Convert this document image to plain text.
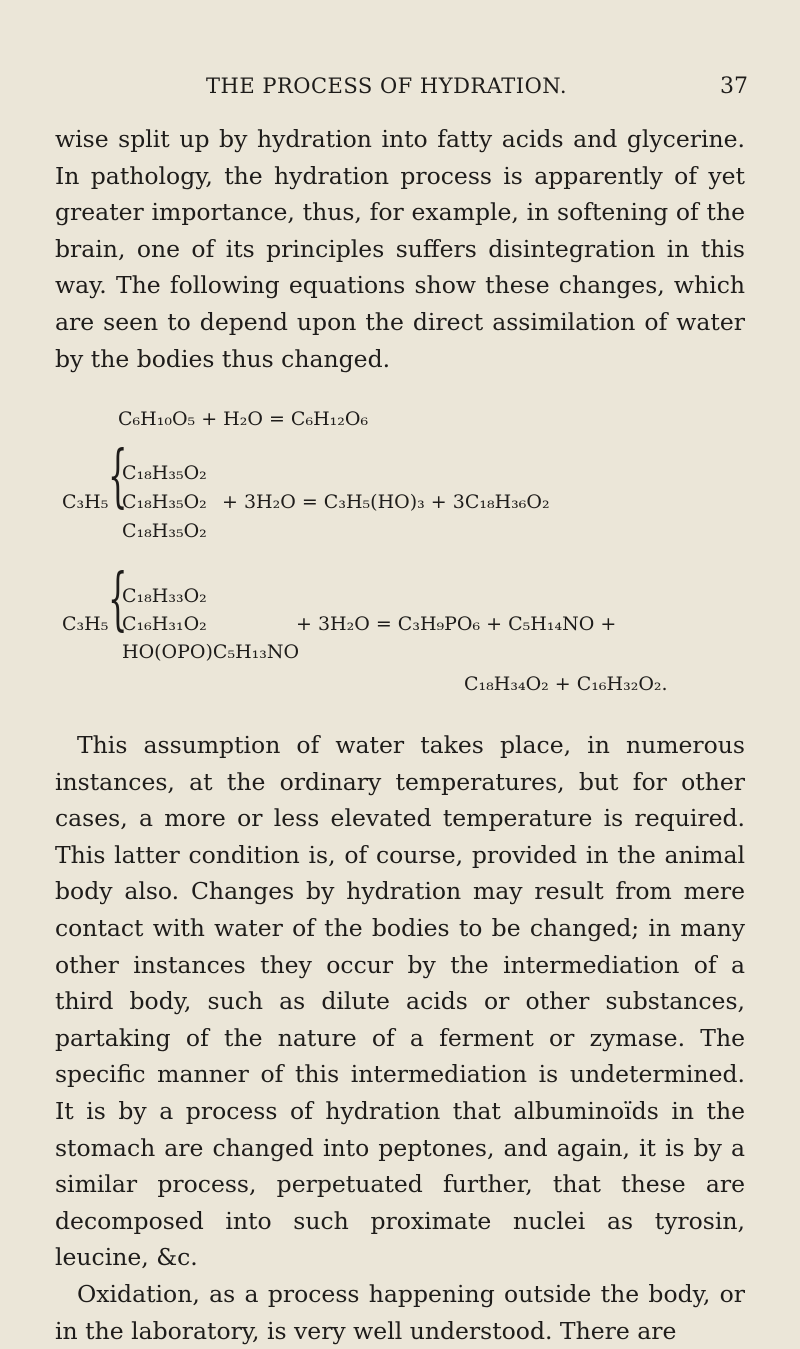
THE PROCESS OF HYDRATION.	37

wise split up by hydration into fatty acids and glycerine. In pathology, the hydration process is apparently of yet greater importance, thus, for example, in softening of the brain, one of its principles suffers disintegration in this way. The following equations show these changes, which are seen to depend upon the direct assimilation of water by the bodies thus changed.

C₆H₁₀O₅ + H₂O = C₆H₁₂O₆
C₃H₅ {
C₁₈H₃₅O₂
C₁₈H₃₅O₂
C₁₈H₃₅O₂
+ 3H₂O = C₃H₅(HO)₃ + 3C₁₈H₃₆O₂
C₃H₅ {
C₁₈H₃₃O₂
C₁₆H₃₁O₂
HO(OPO)C₅H₁₃NO
+ 3H₂O = C₃H₉PO₆ + C₅H₁₄NO +
C₁₈H₃₄O₂ + C₁₆H₃₂O₂.

This assumption of water takes place, in numerous instances, at the ordinary temperatures, but for other cases, a more or less elevated temperature is required. This latter condition is, of course, provided in the animal body also. Changes by hydration may result from mere contact with water of the bodies to be changed; in many other instances they occur by the intermediation of a third body, such as dilute acids or other substances, partaking of the nature of a ferment or zymase. The specific manner of this intermediation is undetermined. It is by a process of hydration that albuminoïds in the stomach are changed into peptones, and again, it is by a similar process, perpetuated further, that these are decomposed into such proximate nuclei as tyrosin, leucine, &c.

Oxidation, as a process happening outside the body, or in the laboratory, is very well understood. There are
